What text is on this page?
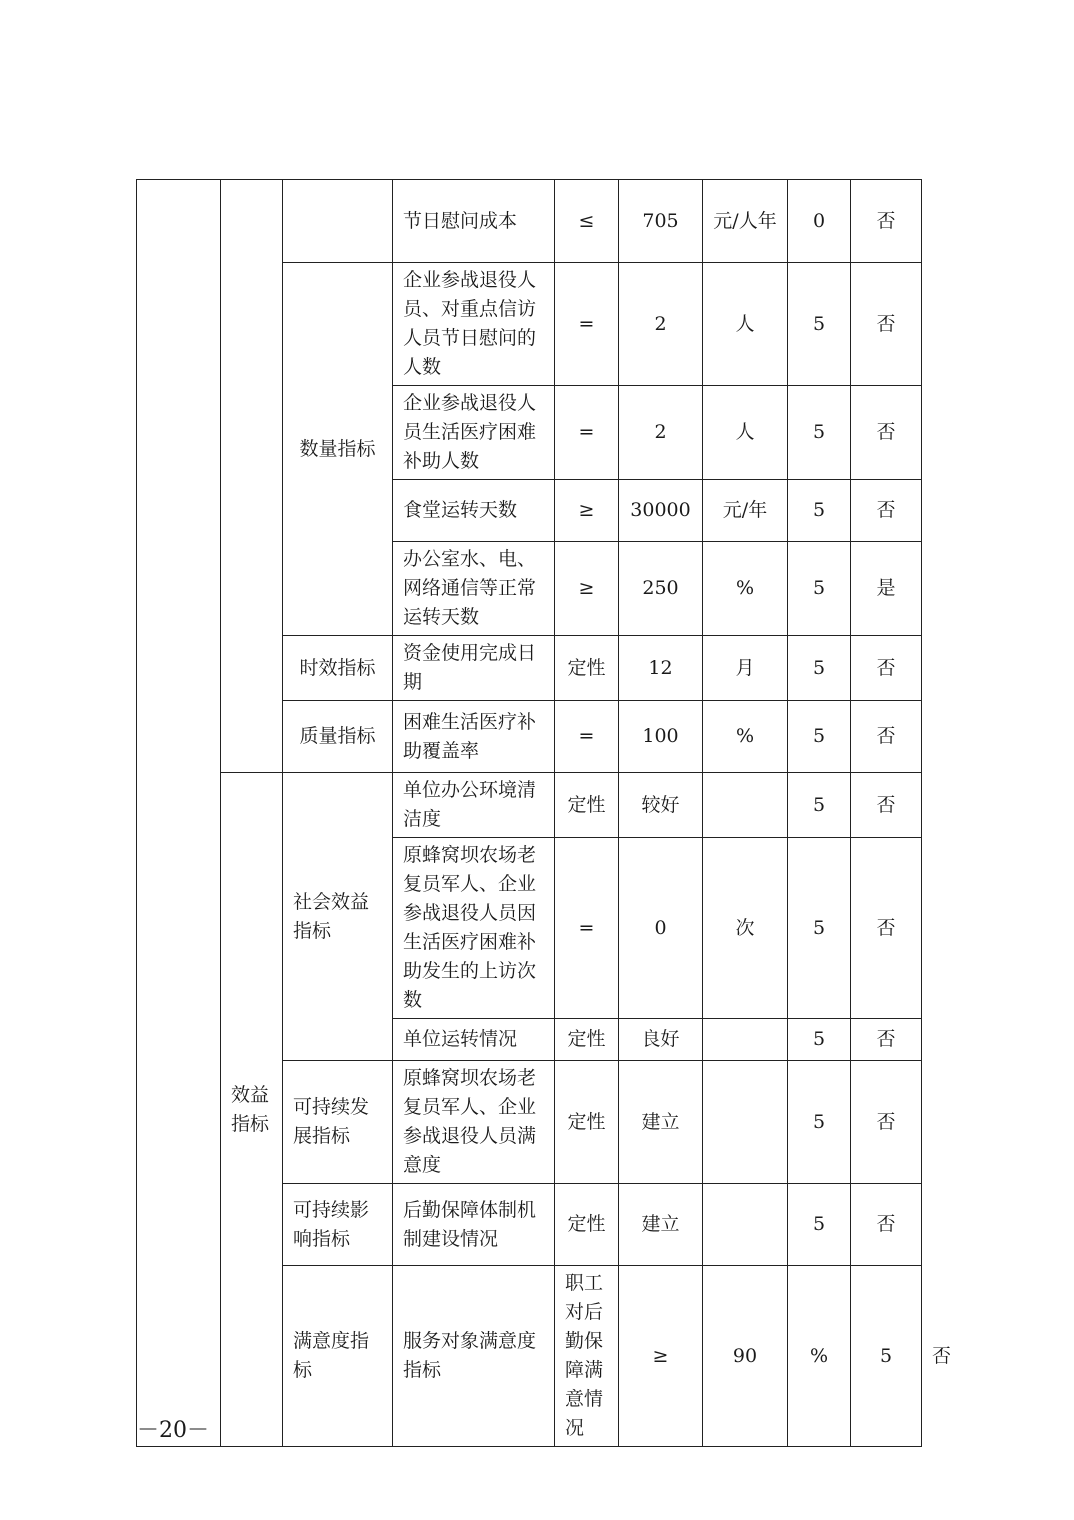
			节日慰问成本	≤	705	元/人年	0	否	
		数量指标	企业参战退役人员、对重点信访人员节日慰问的人数	=	2	人	5	否	
			企业参战退役人员生活医疗困难补助人数	=	2	人	5	否	
			食堂运转天数	≥	30000	元/年	5	否	
			办公室水、电、网络通信等正常运转天数	≥	250	%	5	是	
		时效指标	资金使用完成日期	定性	12	月	5	否	
		质量指标	困难生活医疗补助覆盖率	=	100	%	5	否	
	效益指标	社会效益指标	单位办公环境清洁度	定性	较好		5	否	
			原蜂窝坝农场老复员军人、企业参战退役人员因生活医疗困难补助发生的上访次数	=	0	次	5	否	
			单位运转情况	定性	良好		5	否	
		可持续发展指标	原蜂窝坝农场老复员军人、企业参战退役人员满意度	定性	建立		5	否	
		可持续影响指标	后勤保障体制机制建设情况	定性	建立		5	否	
		满意度指标	服务对象满意度指标	职工对后勤保障满意情况	≥	90	%	5	否
－20－
